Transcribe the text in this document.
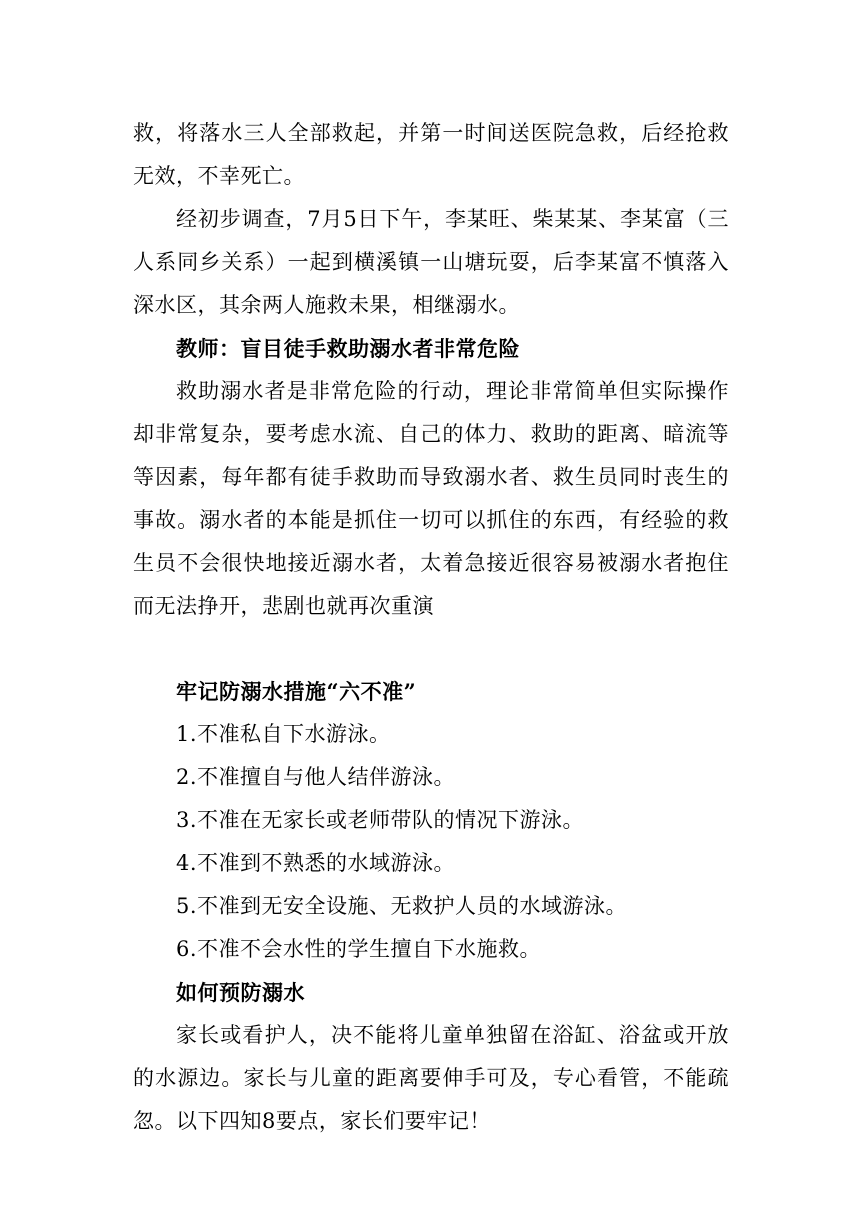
救，将落水三人全部救起，并第一时间送医院急救，后经抢救无效，不幸死亡。

经初步调查，7月5日下午，李某旺、柴某某、李某富（三人系同乡关系）一起到横溪镇一山塘玩耍，后李某富不慎落入深水区，其余两人施救未果，相继溺水。

教师：盲目徒手救助溺水者非常危险

救助溺水者是非常危险的行动，理论非常简单但实际操作却非常复杂，要考虑水流、自己的体力、救助的距离、暗流等等因素，每年都有徒手救助而导致溺水者、救生员同时丧生的事故。溺水者的本能是抓住一切可以抓住的东西，有经验的救生员不会很快地接近溺水者，太着急接近很容易被溺水者抱住而无法挣开，悲剧也就再次重演

牢记防溺水措施“六不准”

1.不准私自下水游泳。

2.不准擅自与他人结伴游泳。

3.不准在无家长或老师带队的情况下游泳。

4.不准到不熟悉的水域游泳。

5.不准到无安全设施、无救护人员的水域游泳。

6.不准不会水性的学生擅自下水施救。

如何预防溺水

家长或看护人，决不能将儿童单独留在浴缸、浴盆或开放的水源边。家长与儿童的距离要伸手可及，专心看管，不能疏忽。以下四知8要点，家长们要牢记！
